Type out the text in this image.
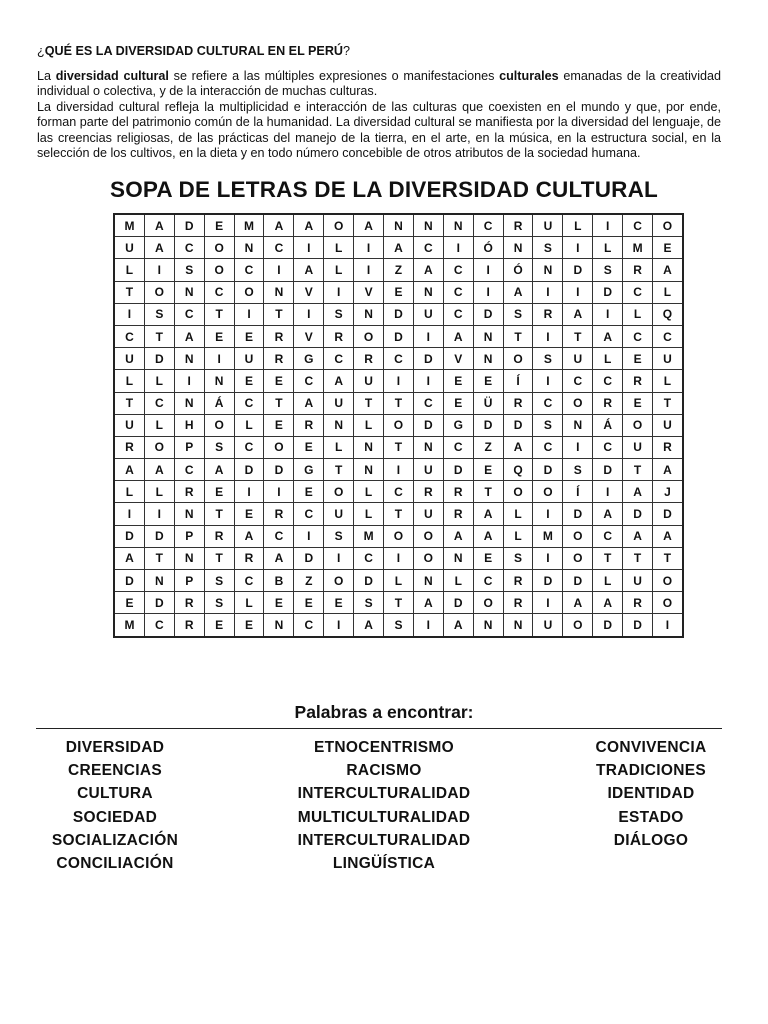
¿QUÉ ES LA DIVERSIDAD CULTURAL EN EL PERÚ?

La diversidad cultural se refiere a las múltiples expresiones o manifestaciones culturales emanadas de la creatividad individual o colectiva, y de la interacción de muchas culturas.

La diversidad cultural refleja la multiplicidad e interacción de las culturas que coexisten en el mundo y que, por ende, forman parte del patrimonio común de la humanidad. La diversidad cultural se manifiesta por la diversidad del lenguaje, de las creencias religiosas, de las prácticas del manejo de la tierra, en el arte, en la música, en la estructura social, en la selección de los cultivos, en la dieta y en todo número concebible de otros atributos de la sociedad humana.

SOPA DE LETRAS DE LA DIVERSIDAD CULTURAL
M	A	D	E	M	A	A	O	A	N	N	N	C	R	U	L	I	C	O
U	A	C	O	N	C	I	L	I	A	C	I	Ó	N	S	I	L	M	E
L	I	S	O	C	I	A	L	I	Z	A	C	I	Ó	N	D	S	R	A
T	O	N	C	O	N	V	I	V	E	N	C	I	A	I	I	D	C	L
I	S	C	T	I	T	I	S	N	D	U	C	D	S	R	A	I	L	Q
C	T	A	E	E	R	V	R	O	D	I	A	N	T	I	T	A	C	C
U	D	N	I	U	R	G	C	R	C	D	V	N	O	S	U	L	E	U
L	L	I	N	E	E	C	A	U	I	I	E	E	Í	I	C	C	R	L
T	C	N	Á	C	T	A	U	T	T	C	E	Ü	R	C	O	R	E	T
U	L	H	O	L	E	R	N	L	O	D	G	D	D	S	N	Á	O	U
R	O	P	S	C	O	E	L	N	T	N	C	Z	A	C	I	C	U	R
A	A	C	A	D	D	G	T	N	I	U	D	E	Q	D	S	D	T	A
L	L	R	E	I	I	E	O	L	C	R	R	T	O	O	Í	I	A	J
I	I	N	T	E	R	C	U	L	T	U	R	A	L	I	D	A	D	D
D	D	P	R	A	C	I	S	M	O	O	A	A	L	M	O	C	A	A
A	T	N	T	R	A	D	I	C	I	O	N	E	S	I	O	T	T	T
D	N	P	S	C	B	Z	O	D	L	N	L	C	R	D	D	L	U	O
E	D	R	S	L	E	E	E	S	T	A	D	O	R	I	A	A	R	O
M	C	R	E	E	N	C	I	A	S	I	A	N	N	U	O	D	D	I
Palabras a encontrar:
DIVERSIDAD
CREENCIAS
CULTURA
SOCIEDAD
SOCIALIZACIÓN
CONCILIACIÓN
ETNOCENTRISMO
RACISMO
INTERCULTURALIDAD
MULTICULTURALIDAD
INTERCULTURALIDAD
LINGÜÍSTICA
CONVIVENCIA
TRADICIONES
IDENTIDAD
ESTADO
DIÁLOGO
